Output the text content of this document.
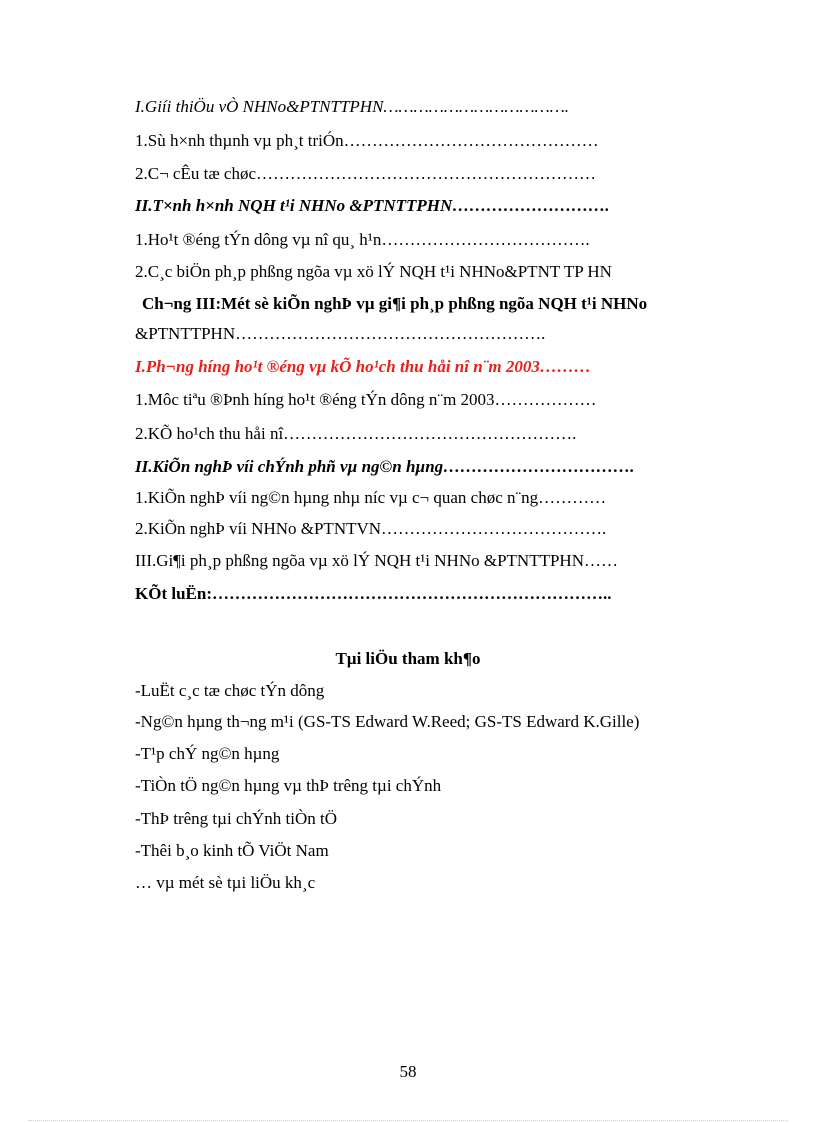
I.Giíi thiÖu vÒ NHNo&PTNTTPHN……………………………….
1.Sù h×nh thµnh vµ ph¸t triÓn………………………………………
2.C¬ cÊu tæ chøc……………………………………………………
II.T×nh h×nh NQH t¹i NHNo &PTNTTPHN……………………….
1.Ho¹t ®éng tÝn dông vµ nî qu¸ h¹n……………………………….
2.C¸c biÖn ph¸p phßng ngõa vµ xö lÝ NQH t¹i NHNo&PTNT TP HN
Ch¬ng III:Mét sè kiÕn nghÞ vµ gi¶i ph¸p phßng ngõa NQH t¹i NHNo
&PTNTTPHN……………………………………………….
I.Ph¬ng híng ho¹t ®éng vµ kÕ ho¹ch thu håi nî n¨m 2003………
1.Môc tiªu ®Þnh híng ho¹t ®éng tÝn dông n¨m 2003………………
2.KÕ ho¹ch thu håi nî…………………………………………….
II.KiÕn nghÞ víi chÝnh phñ vµ ng©n hµng…………………………….
1.KiÕn nghÞ víi ng©n hµng nhµ níc vµ c¬ quan chøc n¨ng…………
2.KiÕn nghÞ víi NHNo &PTNTVN………………………………….
III.Gi¶i ph¸p phßng ngõa vµ xö lÝ NQH t¹i NHNo &PTNTTPHN……
KÕt luËn:……………………………………………………………..
Tµi liÖu tham kh¶o
-LuËt c¸c tæ chøc tÝn dông
-Ng©n hµng th¬ng m¹i (GS-TS Edward W.Reed; GS-TS Edward K.Gille)
-T¹p chÝ ng©n hµng
-TiÒn tÖ ng©n hµng vµ thÞ trêng tµi chÝnh
-ThÞ trêng tµi chÝnh tiÒn tÖ
-Thêi b¸o kinh tÕ ViÖt Nam
… vµ mét sè tµi liÖu kh¸c
58
